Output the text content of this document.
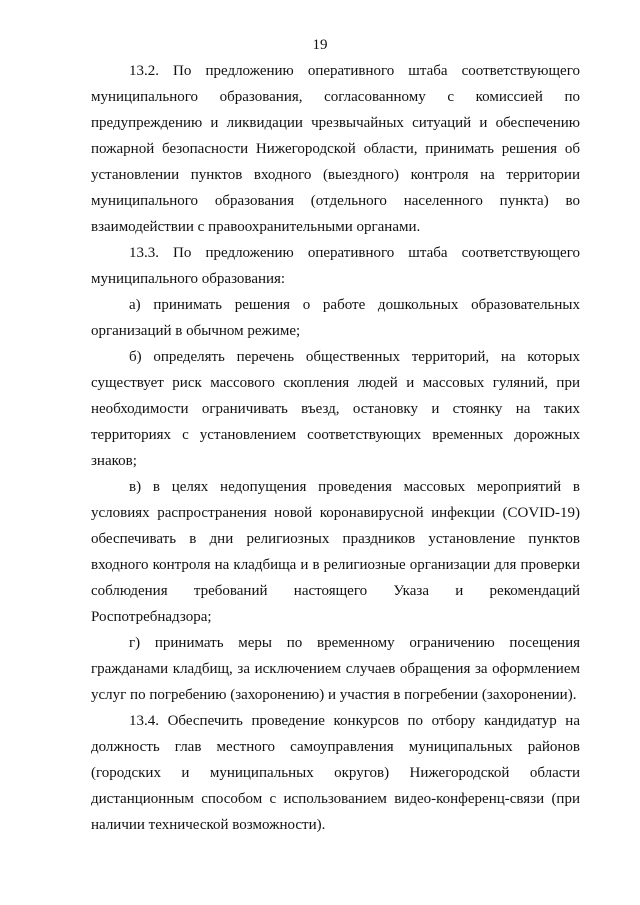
19

13.2. По предложению оперативного штаба соответствующего муниципального образования, согласованному с комиссией по предупреждению и ликвидации чрезвычайных ситуаций и обеспечению пожарной безопасности Нижегородской области, принимать решения об установлении пунктов входного (выездного) контроля на территории муниципального образования (отдельного населенного пункта) во взаимодействии с правоохранительными органами.

13.3. По предложению оперативного штаба соответствующего муниципального образования:

а) принимать решения о работе дошкольных образовательных организаций в обычном режиме;

б) определять перечень общественных территорий, на которых существует риск массового скопления людей и массовых гуляний, при необходимости ограничивать въезд, остановку и стоянку на таких территориях с установлением соответствующих временных дорожных знаков;

в) в целях недопущения проведения массовых мероприятий в условиях распространения новой коронавирусной инфекции (COVID-19) обеспечивать в дни религиозных праздников установление пунктов входного контроля на кладбища и в религиозные организации для проверки соблюдения требований настоящего Указа и рекомендаций Роспотребнадзора;

г) принимать меры по временному ограничению посещения гражданами кладбищ, за исключением случаев обращения за оформлением услуг по погребению (захоронению) и участия в погребении (захоронении).

13.4. Обеспечить проведение конкурсов по отбору кандидатур на должность глав местного самоуправления муниципальных районов (городских и муниципальных округов) Нижегородской области дистанционным способом с использованием видео-конференц-связи (при наличии технической возможности).
